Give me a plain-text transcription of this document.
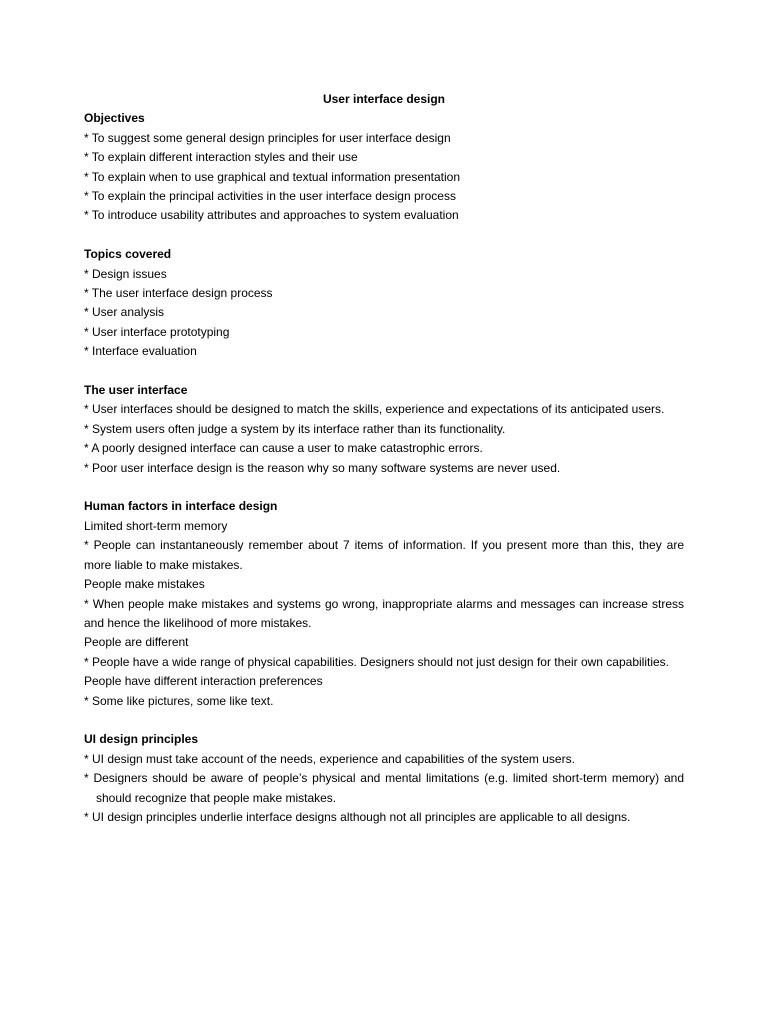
User interface design

Objectives

* To suggest some general design principles for user interface design

* To explain different interaction styles and their use

* To explain when to use graphical and textual information presentation

* To explain the principal activities in the user interface design process

* To introduce usability attributes and approaches to system evaluation

Topics covered

* Design issues

* The user interface design process

* User analysis

* User interface prototyping

* Interface evaluation

The user interface

* User interfaces should be designed to match the skills, experience and expectations of its anticipated users.

* System users often judge a system by its interface rather than its functionality.

* A poorly designed interface can cause a user to make catastrophic errors.

* Poor user interface design is the reason why so many software systems are never used.

Human factors in interface design

Limited short-term memory

* People can instantaneously remember about 7 items of information. If you present more than this, they are more liable to make mistakes.

People make mistakes

* When people make mistakes and systems go wrong, inappropriate alarms and messages can increase stress and hence the likelihood of more mistakes.

People are different

* People have a wide range of physical capabilities. Designers should not just design for their own capabilities.

People have different interaction preferences

* Some like pictures, some like text.

UI design principles

* UI design must take account of the needs, experience and capabilities of the system users.

* Designers should be aware of people’s physical and mental limitations (e.g. limited short-term memory) and should recognize that people make mistakes.

* UI design principles underlie interface designs although not all principles are applicable to all designs.
